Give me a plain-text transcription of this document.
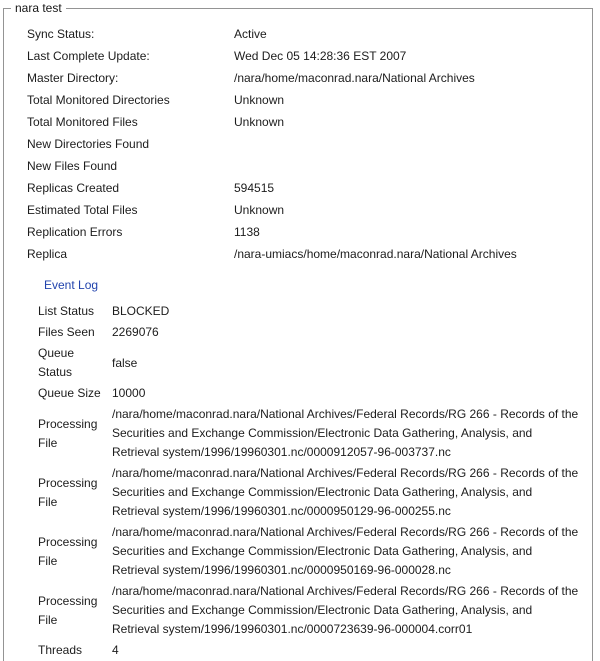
nara test
Sync Status:	Active
Last Complete Update:	Wed Dec 05 14:28:36 EST 2007
Master Directory:	/nara/home/maconrad.nara/National Archives
Total Monitored Directories	Unknown
Total Monitored Files	Unknown
New Directories Found	
New Files Found	
Replicas Created	594515
Estimated Total Files	Unknown
Replication Errors	1138
Replica	/nara-umiacs/home/maconrad.nara/National Archives
Event Log
List Status	BLOCKED
Files Seen	2269076
Queue Status	false
Queue Size	10000
Processing File	/nara/home/maconrad.nara/National Archives/Federal Records/RG 266 - Records of the Securities and Exchange Commission/Electronic Data Gathering, Analysis, and Retrieval system/1996/19960301.nc/0000912057-96-003737.nc
Processing File	/nara/home/maconrad.nara/National Archives/Federal Records/RG 266 - Records of the Securities and Exchange Commission/Electronic Data Gathering, Analysis, and Retrieval system/1996/19960301.nc/0000950129-96-000255.nc
Processing File	/nara/home/maconrad.nara/National Archives/Federal Records/RG 266 - Records of the Securities and Exchange Commission/Electronic Data Gathering, Analysis, and Retrieval system/1996/19960301.nc/0000950169-96-000028.nc
Processing File	/nara/home/maconrad.nara/National Archives/Federal Records/RG 266 - Records of the Securities and Exchange Commission/Electronic Data Gathering, Analysis, and Retrieval system/1996/19960301.nc/0000723639-96-000004.corr01
Threads	4
